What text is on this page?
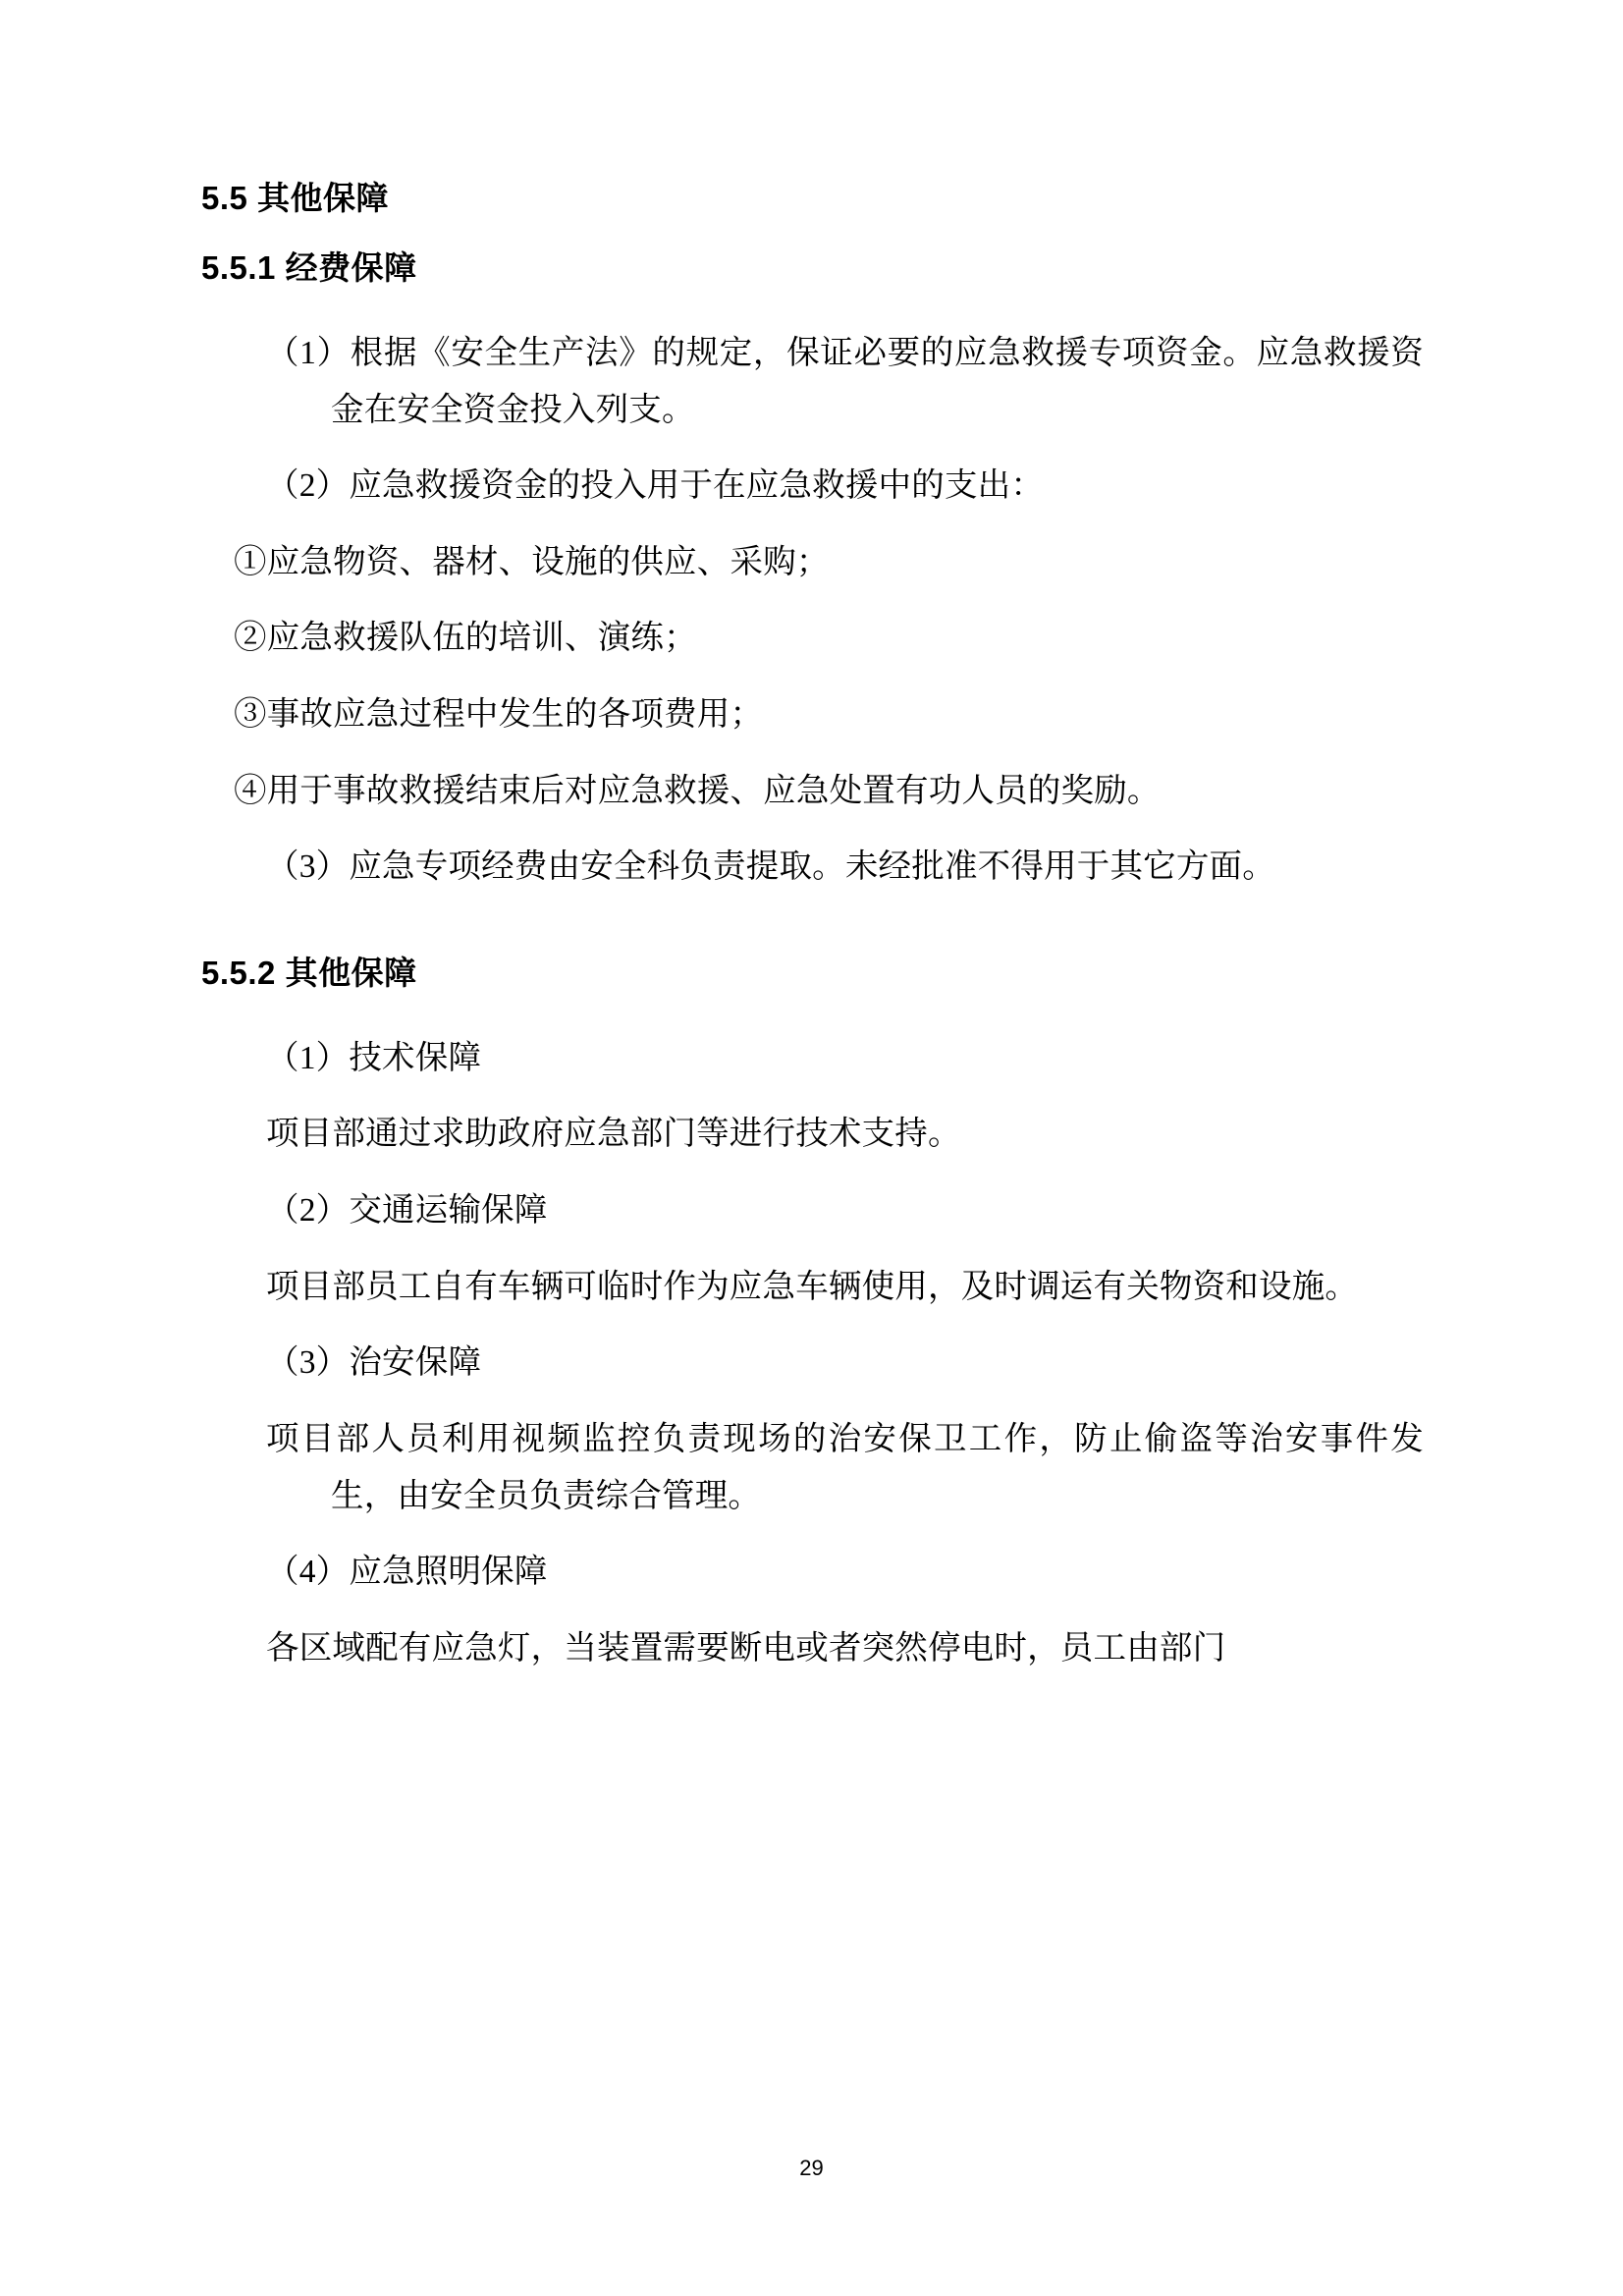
5.5 其他保障
5.5.1 经费保障

（1）根据《安全生产法》的规定，保证必要的应急救援专项资金。应急救援资金在安全资金投入列支。

（2）应急救援资金的投入用于在应急救援中的支出：

①应急物资、器材、设施的供应、采购；

②应急救援队伍的培训、演练；

③事故应急过程中发生的各项费用；

④用于事故救援结束后对应急救援、应急处置有功人员的奖励。

（3）应急专项经费由安全科负责提取。未经批准不得用于其它方面。

5.5.2 其他保障

（1）技术保障

项目部通过求助政府应急部门等进行技术支持。

（2）交通运输保障

项目部员工自有车辆可临时作为应急车辆使用，及时调运有关物资和设施。

（3）治安保障

项目部人员利用视频监控负责现场的治安保卫工作，防止偷盗等治安事件发生，由安全员负责综合管理。

（4）应急照明保障

各区域配有应急灯，当装置需要断电或者突然停电时，员工由部门

29
